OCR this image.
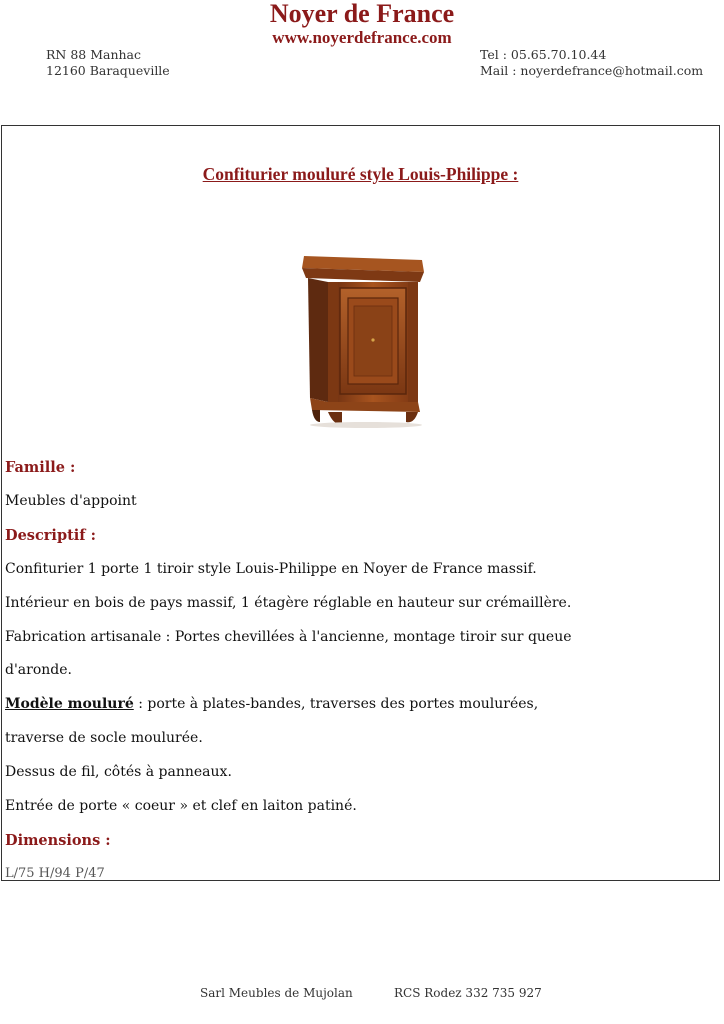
Noyer de France
www.noyerdefrance.com
RN 88 Manhac
12160 Baraqueville
Tel : 05.65.70.10.44
Mail : noyerdefrance@hotmail.com
Confiturier mouluré style Louis-Philippe :
Famille :
Meubles d'appoint
Descriptif :
Confiturier 1 porte 1 tiroir style Louis-Philippe en Noyer de France massif.
Intérieur en bois de pays massif, 1 étagère réglable en hauteur sur crémaillère.
Fabrication artisanale : Portes chevillées à l'ancienne, montage tiroir sur queue
d'aronde.
Modèle mouluré : porte à plates-bandes, traverses des portes moulurées,
traverse de socle moulurée.
Dessus de fil, côtés à panneaux.
Entrée de porte « coeur » et clef en laiton patiné.
Dimensions :
L/75 H/94 P/47
Sarl Meubles de Mujolan	RCS Rodez 332 735 927
